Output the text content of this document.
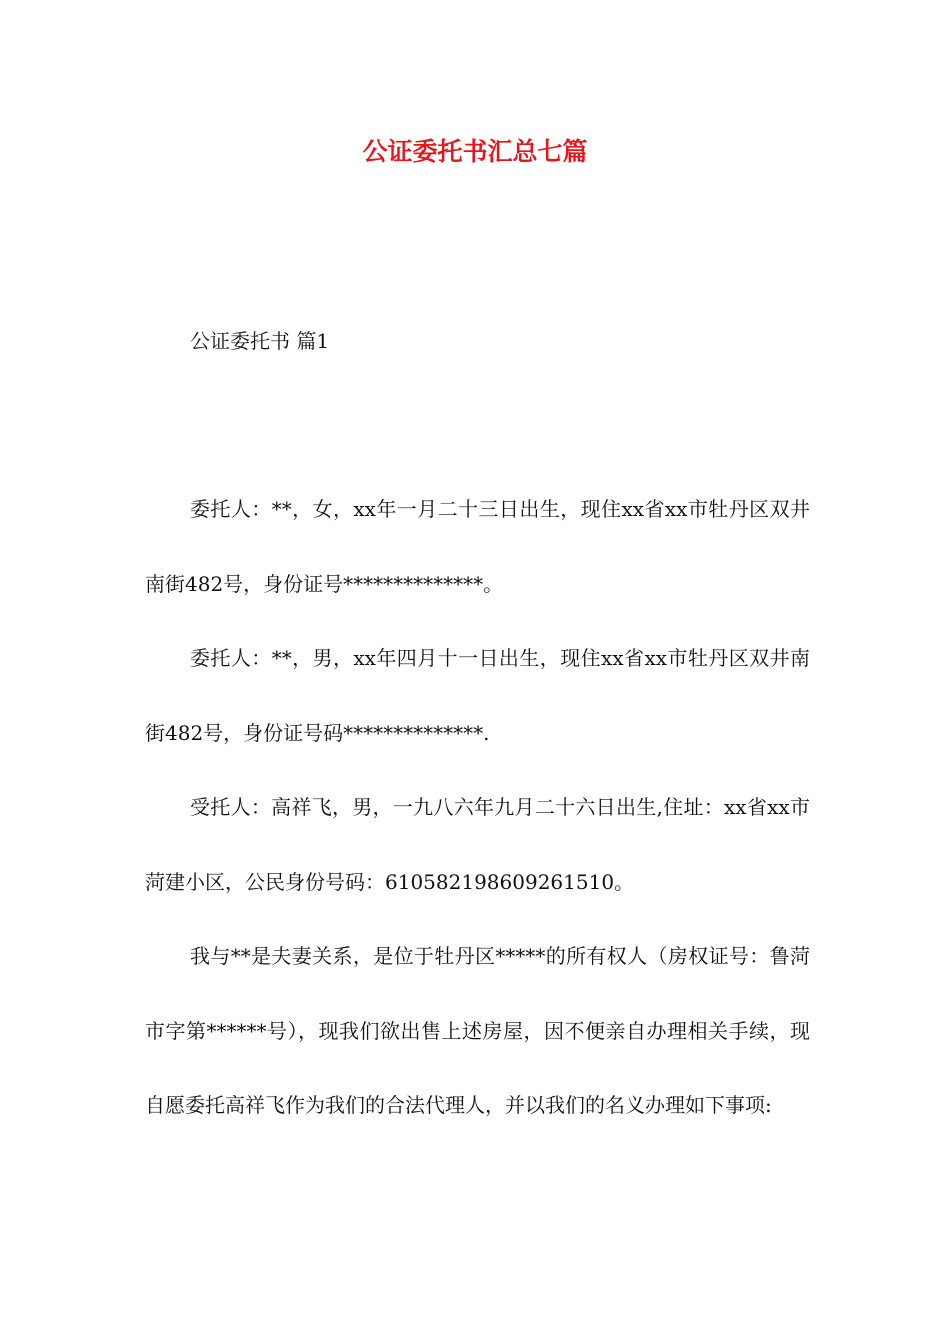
公证委托书汇总七篇

公证委托书 篇1

委托人：**，女，xx年一月二十三日出生，现住xx省xx市牡丹区双井南街482号，身份证号**************。

委托人：**，男，xx年四月十一日出生，现住xx省xx市牡丹区双井南街482号，身份证号码**************.

受托人：高祥飞，男，一九八六年九月二十六日出生,住址：xx省xx市菏建小区，公民身份号码：610582198609261510。

我与**是夫妻关系，是位于牡丹区*****的所有权人（房权证号：鲁菏市字第******号），现我们欲出售上述房屋，因不便亲自办理相关手续，现自愿委托高祥飞作为我们的合法代理人，并以我们的名义办理如下事项:
